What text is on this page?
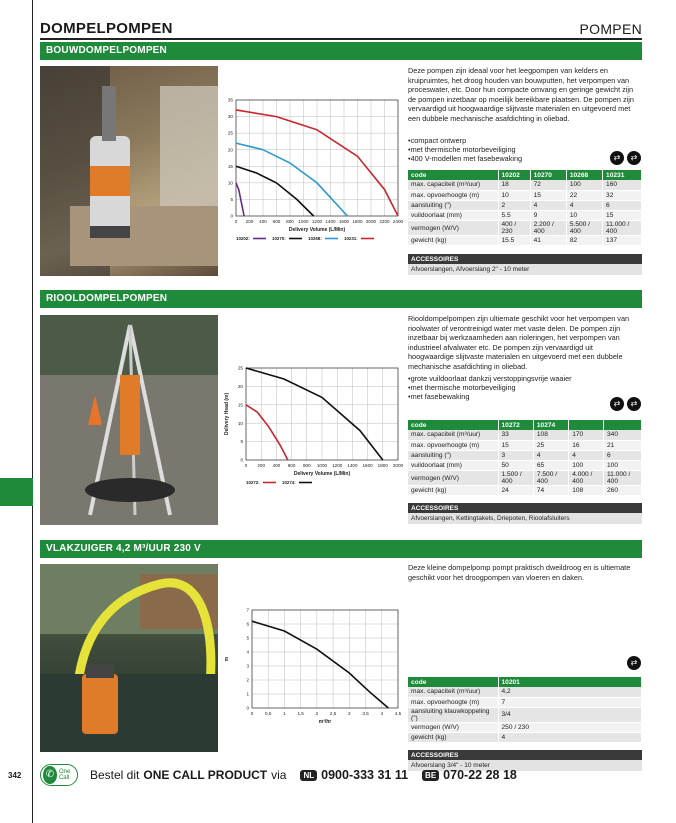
342
DOMPELPOMPEN	POMPEN
BOUWDOMPELPOMPEN
0 200 400 600 800 1000 1200 1400 1600 1800 2000 2200 2400
0
5
10
15
20
25
30
35
Delivery Volume (L/Min)
10202:	10270:	10268:	10231:
Deze pompen zijn ideaal voor het leegpompen van kelders en kruipruimtes, het droog houden van bouwputten, het verpompen van proceswater, etc. Door hun compacte omvang en geringe gewicht zijn de pompen inzetbaar op moeilijk bereikbare plaatsen. De pompen zijn vervaardigd uit hoogwaardige slijtvaste materialen en uitgevoerd met een dubbele mechanische asafdichting in oliebad.
• compact ontwerp
• met thermische motorbeveiliging
• 400 V-modellen met fasebewaking	⇄	⇄
code	10202	10270	10268	10231
max. capaciteit (m³/uur)	18	72	100	160
max. opvoerhoogte (m)	10	15	22	32
aansluiting (")	2	4	4	6
vuildoorlaat (mm)	5.5	9	10	15
vermogen (W/V)	400 / 230	2.200 / 400	5.500 / 400	11.000 / 400
gewicht (kg)	15.5	41	82	137
ACCESSOIRES
Afvoerslangen, Afvoerslang 2" - 10 meter
RIOOLDOMPELPOMPEN
0 200 400 600 800 1000 1200 1400 1600 1800 2000
0
5
10
15
20
25
Delivery Volume (L/Min)
Delivery Head (m)
10272:	10274:
Riooldompelpompen zijn ultiemate geschikt voor het verpompen van rioolwater of verontreinigd water met vaste delen. De pompen zijn inzetbaar bij werkzaamheden aan rioleringen, het verpompen van industrieel afvalwater etc. De pompen zijn vervaardigd uit hoogwaardige slijtvaste materialen en uitgevoerd met een dubbele mechanische asafdichting in oliebad.
• grote vuildoorlaat dankzij verstoppingsvrije waaier
• met thermische motorbeveiliging
• met fasebewaking
⇄	⇄
code	10272	10274		
max. capaciteit (m³/uur)	33	108	170	340
max. opvoerhoogte (m)	15	25	16	21
aansluiting (")	3	4	4	6
vuildoorlaat (mm)	50	65	100	100
vermogen (W/V)	1.500 / 400	7.500 / 400	4.000 / 400	11.000 / 400
gewicht (kg)	24	74	108	260
ACCESSOIRES
Afvoerslangen, Kettingtakels, Driepoten, Rioolafsluiters
VLAKZUIGER 4,2 M³/UUR 230 V
0	0,5	1	1,5	2	2,5	3	3,5	4	4,5
0
1
2
3
4
5
6
7
m³/hr
m
Deze kleine dompelpomp pompt praktisch dweildroog en is ultiemate geschikt voor het droogpompen van vloeren en daken.
⇄
code	10201
max. capaciteit (m³/uur)	4,2
max. opvoerhoogte (m)	7
aansluiting klauwkoppeling (")	3/4
vermogen (W/V)	250 / 230
gewicht (kg)	4
ACCESSOIRES
Afvoerslang 3/4" - 10 meter
✆ One Call	Bestel dit ONE CALL PRODUCT via	NL 0900-333 31 11	BE 070-22 28 18
